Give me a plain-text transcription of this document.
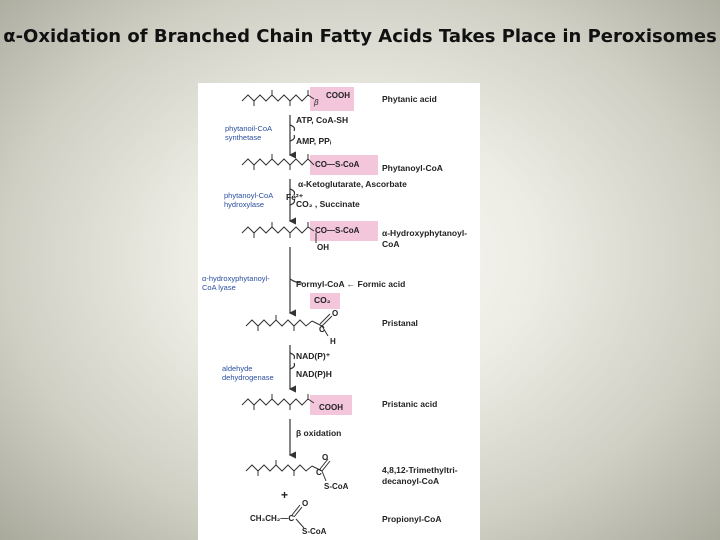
α-Oxidation of Branched Chain Fatty Acids Takes Place in Peroxisomes
COOH
β
CO—S-CoA
CO—S-CoA
OH
O
C
H
COOH
O
C
S-CoA
CH₃CH₂—C
O
S-CoA
phytanoil-CoA
synthetase
phytanoyl-CoA
hydroxylase
α-hydroxyphytanoyl-
CoA lyase
aldehyde
dehydrogenase
ATP, CoA-SH
AMP, PPᵢ
Fe²⁺
α-Ketoglutarate, Ascorbate
CO₂ , Succinate
Formyl-CoA ← Formic acid
CO₂
NAD(P)⁺
NAD(P)H
β oxidation
+
Phytanic acid
Phytanoyl-CoA
α-Hydroxyphytanoyl-
CoA
Pristanal
Pristanic acid
4,8,12-Trimethyltri-
decanoyl-CoA
Propionyl-CoA
